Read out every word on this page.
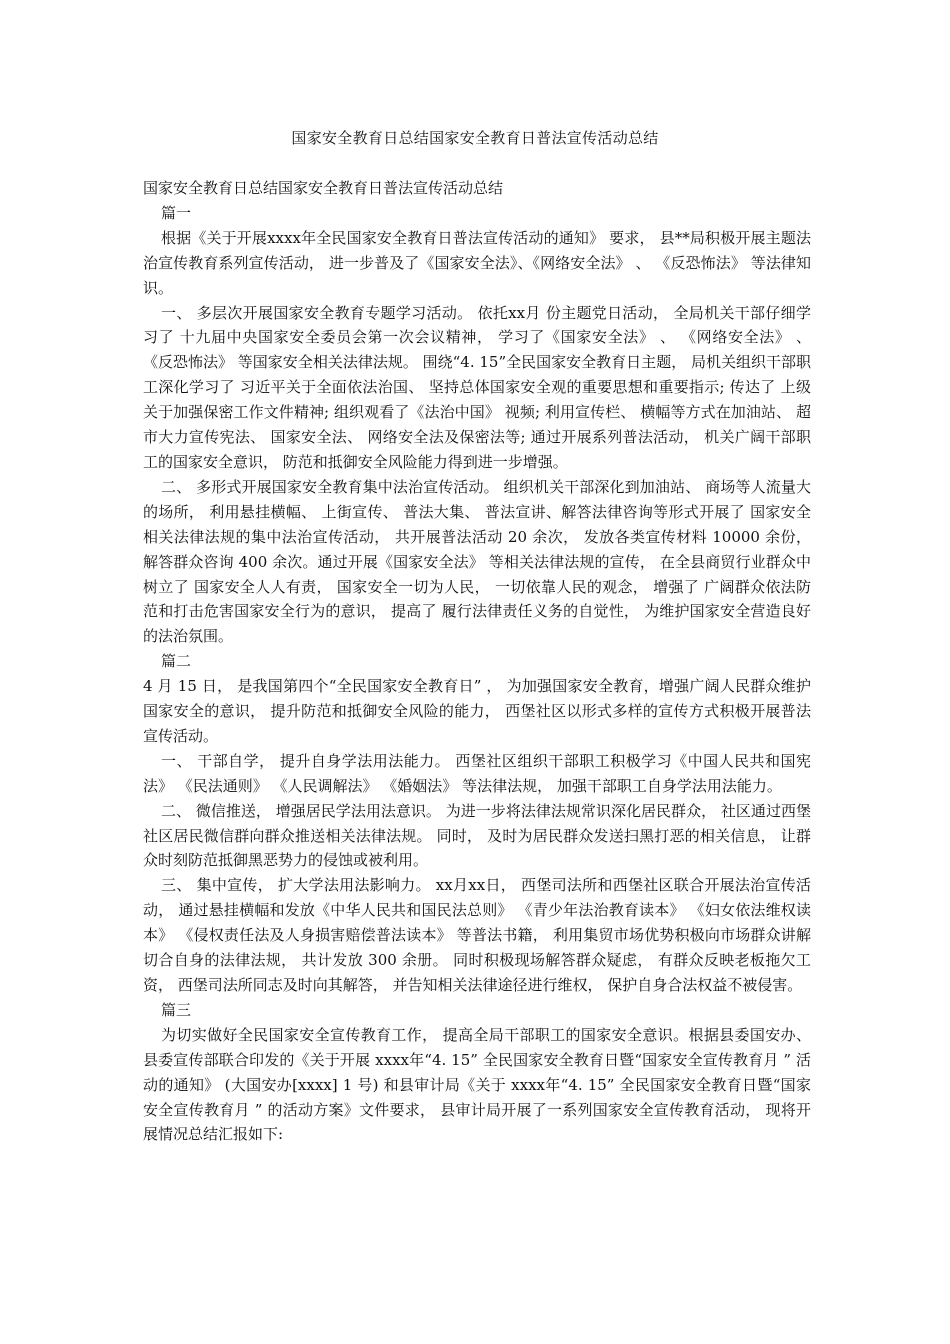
国家安全教育日总结国家安全教育日普法宣传活动总结

国家安全教育日总结国家安全教育日普法宣传活动总结

篇一

根据《关于开展xxxx年全民国家安全教育日普法宣传活动的通知》 要求， 县**局积极开展主题法治宣传教育系列宣传活动， 进一步普及了《国家安全法》、《网络安全法》 、 《反恐怖法》 等法律知识。

一、 多层次开展国家安全教育专题学习活动。 依托xx月 份主题党日活动， 全局机关干部仔细学习了 十九届中央国家安全委员会第一次会议精神， 学习了《国家安全法》 、 《网络安全法》 、 《反恐怖法》 等国家安全相关法律法规。 围绕“4. 15”全民国家安全教育日主题， 局机关组织干部职工深化学习了 习近平关于全面依法治国、 坚持总体国家安全观的重要思想和重要指示; 传达了 上级关于加强保密工作文件精神; 组织观看了《法治中国》 视频; 利用宣传栏、 横幅等方式在加油站、 超市大力宣传宪法、 国家安全法、 网络安全法及保密法等; 通过开展系列普法活动， 机关广阔干部职工的国家安全意识， 防范和抵御安全风险能力得到进一步增强。

二、 多形式开展国家安全教育集中法治宣传活动。 组织机关干部深化到加油站、 商场等人流量大的场所， 利用悬挂横幅、 上街宣传、 普法大集、 普法宣讲、解答法律咨询等形式开展了 国家安全相关法律法规的集中法治宣传活动， 共开展普法活动 20 余次， 发放各类宣传材料 10000 余份， 解答群众咨询 400 余次。通过开展《国家安全法》 等相关法律法规的宣传， 在全县商贸行业群众中树立了 国家安全人人有责， 国家安全一切为人民， 一切依靠人民的观念， 增强了 广阔群众依法防范和打击危害国家安全行为的意识， 提高了 履行法律责任义务的自觉性， 为维护国家安全营造良好的法治氛围。

篇二

4 月 15 日， 是我国第四个“全民国家安全教育日” ， 为加强国家安全教育，增强广阔人民群众维护国家安全的意识， 提升防范和抵御安全风险的能力， 西堡社区以形式多样的宣传方式积极开展普法宣传活动。

一、 干部自学， 提升自身学法用法能力。 西堡社区组织干部职工积极学习《中国人民共和国宪法》 《民法通则》 《人民调解法》 《婚姻法》 等法律法规， 加强干部职工自身学法用法能力。

二、 微信推送， 增强居民学法用法意识。 为进一步将法律法规常识深化居民群众， 社区通过西堡社区居民微信群向群众推送相关法律法规。 同时， 及时为居民群众发送扫黑打恶的相关信息， 让群众时刻防范抵御黑恶势力的侵蚀或被利用。

三、 集中宣传， 扩大学法用法影响力。 xx月xx日， 西堡司法所和西堡社区联合开展法治宣传活动， 通过悬挂横幅和发放《中华人民共和国民法总则》 《青少年法治教育读本》 《妇女依法维权读本》 《侵权责任法及人身损害赔偿普法读本》 等普法书籍， 利用集贸市场优势积极向市场群众讲解切合自身的法律法规， 共计发放 300 余册。 同时积极现场解答群众疑虑， 有群众反映老板拖欠工资， 西堡司法所同志及时向其解答， 并告知相关法律途径进行维权， 保护自身合法权益不被侵害。

篇三

为切实做好全民国家安全宣传教育工作， 提高全局干部职工的国家安全意识。根据县委国安办、 县委宣传部联合印发的《关于开展 xxxx年“4. 15” 全民国家安全教育日暨“国家安全宣传教育月 ” 活动的通知》 (大国安办[xxxx] 1 号) 和县审计局《关于 xxxx年“4. 15” 全民国家安全教育日暨“国家安全宣传教育月 ” 的活动方案》文件要求， 县审计局开展了一系列国家安全宣传教育活动， 现将开展情况总结汇报如下:
